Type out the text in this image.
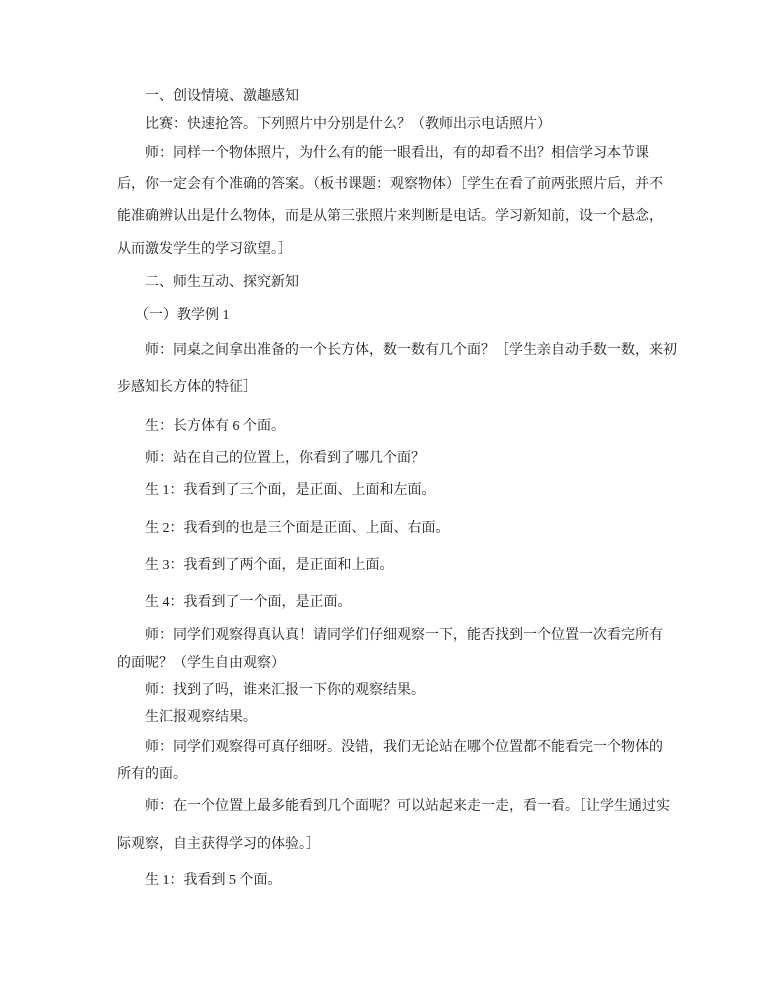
一、创设情境、激趣感知

比赛：快速抢答。下列照片中分别是什么？（教师出示电话照片）

师：同样一个物体照片，为什么有的能一眼看出，有的却看不出？相信学习本节课

后，你一定会有个准确的答案。（板书课题：观察物体）［学生在看了前两张照片后，并不

能准确辨认出是什么物体，而是从第三张照片来判断是电话。学习新知前，设一个悬念，

从而激发学生的学习欲望。］

二、师生互动、探究新知

（一）教学例 1

师：同桌之间拿出准备的一个长方体，数一数有几个面？［学生亲自动手数一数，来初

步感知长方体的特征］

生：长方体有 6 个面。

师：站在自己的位置上，你看到了哪几个面？

生 1：我看到了三个面，是正面、上面和左面。

生 2：我看到的也是三个面是正面、上面、右面。

生 3：我看到了两个面，是正面和上面。

生 4：我看到了一个面，是正面。

师：同学们观察得真认真！请同学们仔细观察一下，能否找到一个位置一次看完所有

的面呢？（学生自由观察）

师：找到了吗，谁来汇报一下你的观察结果。

生汇报观察结果。

师：同学们观察得可真仔细呀。没错，我们无论站在哪个位置都不能看完一个物体的

所有的面。

师：在一个位置上最多能看到几个面呢？可以站起来走一走，看一看。［让学生通过实

际观察，自主获得学习的体验。］

生 1：我看到 5 个面。
